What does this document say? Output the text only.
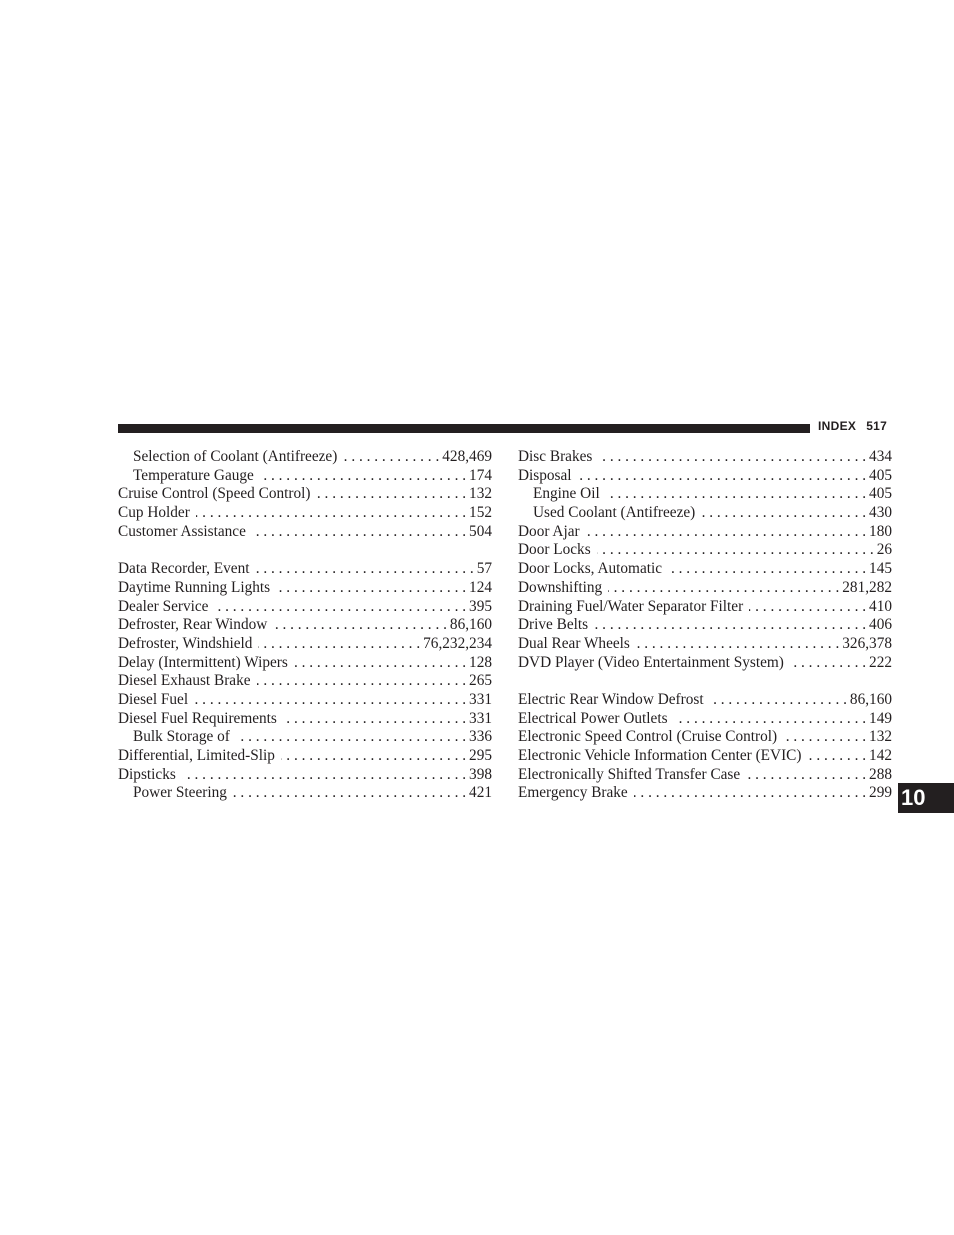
INDEX 517
Selection of Coolant (Antifreeze) . . .	428,469
Temperature Gauge . . .	174
Cruise Control (Speed Control) . . .	132
Cup Holder . . .	152
Customer Assistance . . .	504
Data Recorder, Event . . .	57
Daytime Running Lights . . .	124
Dealer Service . . .	395
Defroster, Rear Window . . .	86,160
Defroster, Windshield . . .	76,232,234
Delay (Intermittent) Wipers . . .	128
Diesel Exhaust Brake . . .	265
Diesel Fuel . . .	331
Diesel Fuel Requirements . . .	331
Bulk Storage of . . .	336
Differential, Limited-Slip . . .	295
Dipsticks . . .	398
Power Steering . . .	421
Disc Brakes . . .	434
Disposal . . .	405
Engine Oil . . .	405
Used Coolant (Antifreeze) . . .	430
Door Ajar . . .	180
Door Locks . . .	26
Door Locks, Automatic . . .	145
Downshifting . . .	281,282
Draining Fuel/Water Separator Filter . . .	410
Drive Belts . . .	406
Dual Rear Wheels . . .	326,378
DVD Player (Video Entertainment System) . . .	222
Electric Rear Window Defrost . . .	86,160
Electrical Power Outlets . . .	149
Electronic Speed Control (Cruise Control) . . .	132
Electronic Vehicle Information Center (EVIC) . . .	142
Electronically Shifted Transfer Case . . .	288
Emergency Brake . . .	299 10
